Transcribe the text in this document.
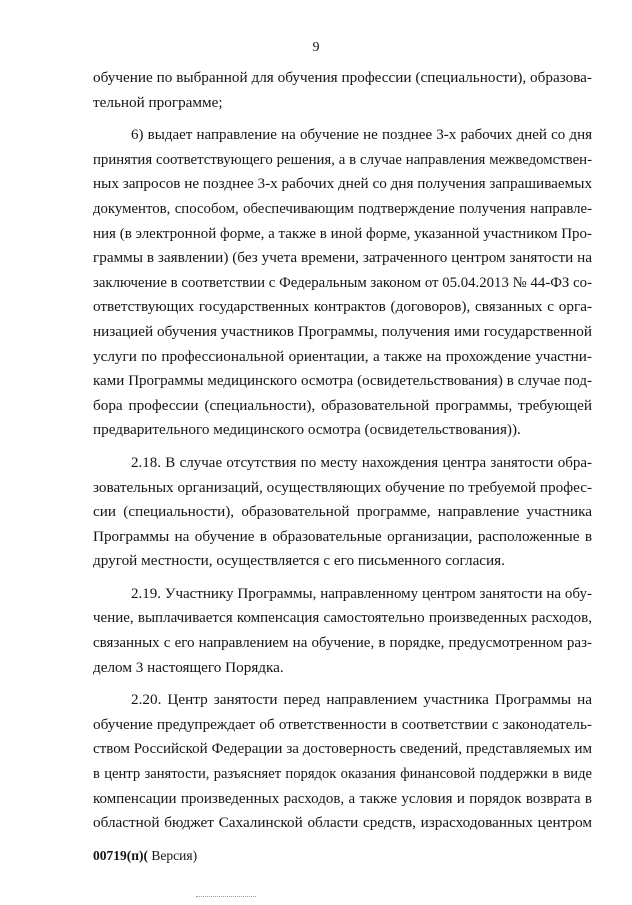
9
обучение по выбранной для обучения профессии (специальности), образова-
тельной программе;
6) выдает направление на обучение не позднее 3-х рабочих дней со дня
принятия соответствующего решения, а в случае направления межведомствен-
ных запросов не позднее 3-х рабочих дней со дня получения запрашиваемых
документов, способом, обеспечивающим подтверждение получения направле-
ния (в электронной форме, а также в иной форме, указанной участником Про-
граммы в заявлении) (без учета времени, затраченного центром занятости на
заключение в соответствии с Федеральным законом от 05.04.2013 № 44-ФЗ со-
ответствующих государственных контрактов (договоров), связанных с орга-
низацией обучения участников Программы, получения ими государственной
услуги по профессиональной ориентации, а также на прохождение участни-
ками Программы медицинского осмотра (освидетельствования) в случае под-
бора профессии (специальности), образовательной программы, требующей
предварительного медицинского осмотра (освидетельствования)).
2.18. В случае отсутствия по месту нахождения центра занятости обра-
зовательных организаций, осуществляющих обучение по требуемой профес-
сии (специальности), образовательной программе, направление участника
Программы на обучение в образовательные организации, расположенные в
другой местности, осуществляется с его письменного согласия.
2.19. Участнику Программы, направленному центром занятости на обу-
чение, выплачивается компенсация самостоятельно произведенных расходов,
связанных с его направлением на обучение, в порядке, предусмотренном раз-
делом 3 настоящего Порядка.
2.20. Центр занятости перед направлением участника Программы на
обучение предупреждает об ответственности в соответствии с законодатель-
ством Российской Федерации за достоверность сведений, представляемых им
в центр занятости, разъясняет порядок оказания финансовой поддержки в виде
компенсации произведенных расходов, а также условия и порядок возврата в
областной бюджет Сахалинской области средств, израсходованных центром
00719(п)( Версия)
